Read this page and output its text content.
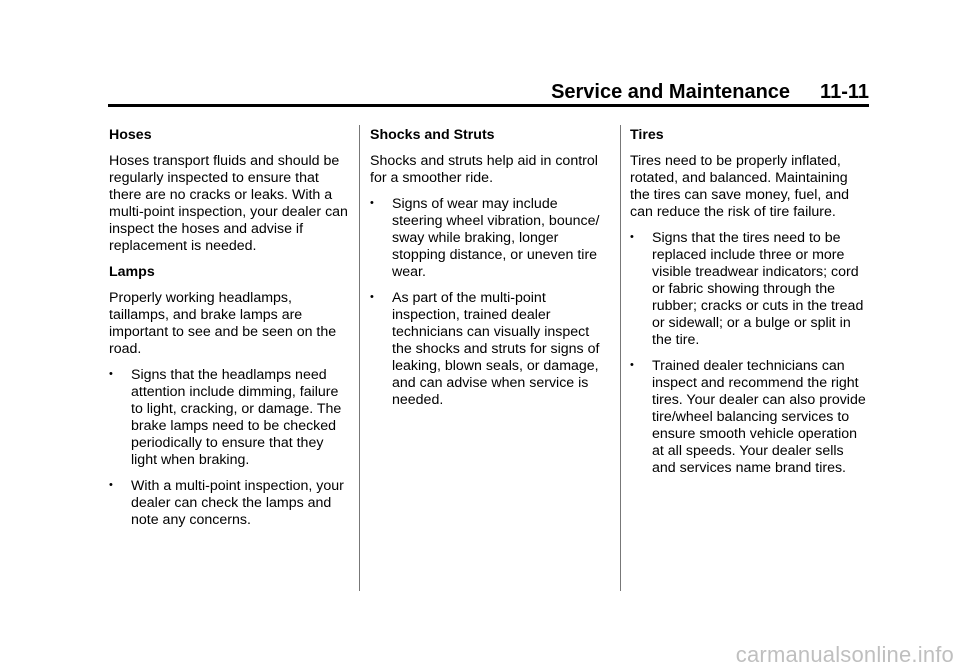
Service and Maintenance 11-11
Hoses

Hoses transport fluids and should be regularly inspected to ensure that there are no cracks or leaks. With a multi-point inspection, your dealer can inspect the hoses and advise if replacement is needed.

Lamps

Properly working headlamps, taillamps, and brake lamps are important to see and be seen on the road.

• Signs that the headlamps need attention include dimming, failure to light, cracking, or damage. The brake lamps need to be checked periodically to ensure that they light when braking.
• With a multi-point inspection, your dealer can check the lamps and note any concerns.
Shocks and Struts

Shocks and struts help aid in control for a smoother ride.

• Signs of wear may include steering wheel vibration, bounce/ sway while braking, longer stopping distance, or uneven tire wear.
• As part of the multi-point inspection, trained dealer technicians can visually inspect the shocks and struts for signs of leaking, blown seals, or damage, and can advise when service is needed.
Tires

Tires need to be properly inflated, rotated, and balanced. Maintaining the tires can save money, fuel, and can reduce the risk of tire failure.

• Signs that the tires need to be replaced include three or more visible treadwear indicators; cord or fabric showing through the rubber; cracks or cuts in the tread or sidewall; or a bulge or split in the tire.
• Trained dealer technicians can inspect and recommend the right tires. Your dealer can also provide tire/wheel balancing services to ensure smooth vehicle operation at all speeds. Your dealer sells and services name brand tires.
carmanualsonline.info
